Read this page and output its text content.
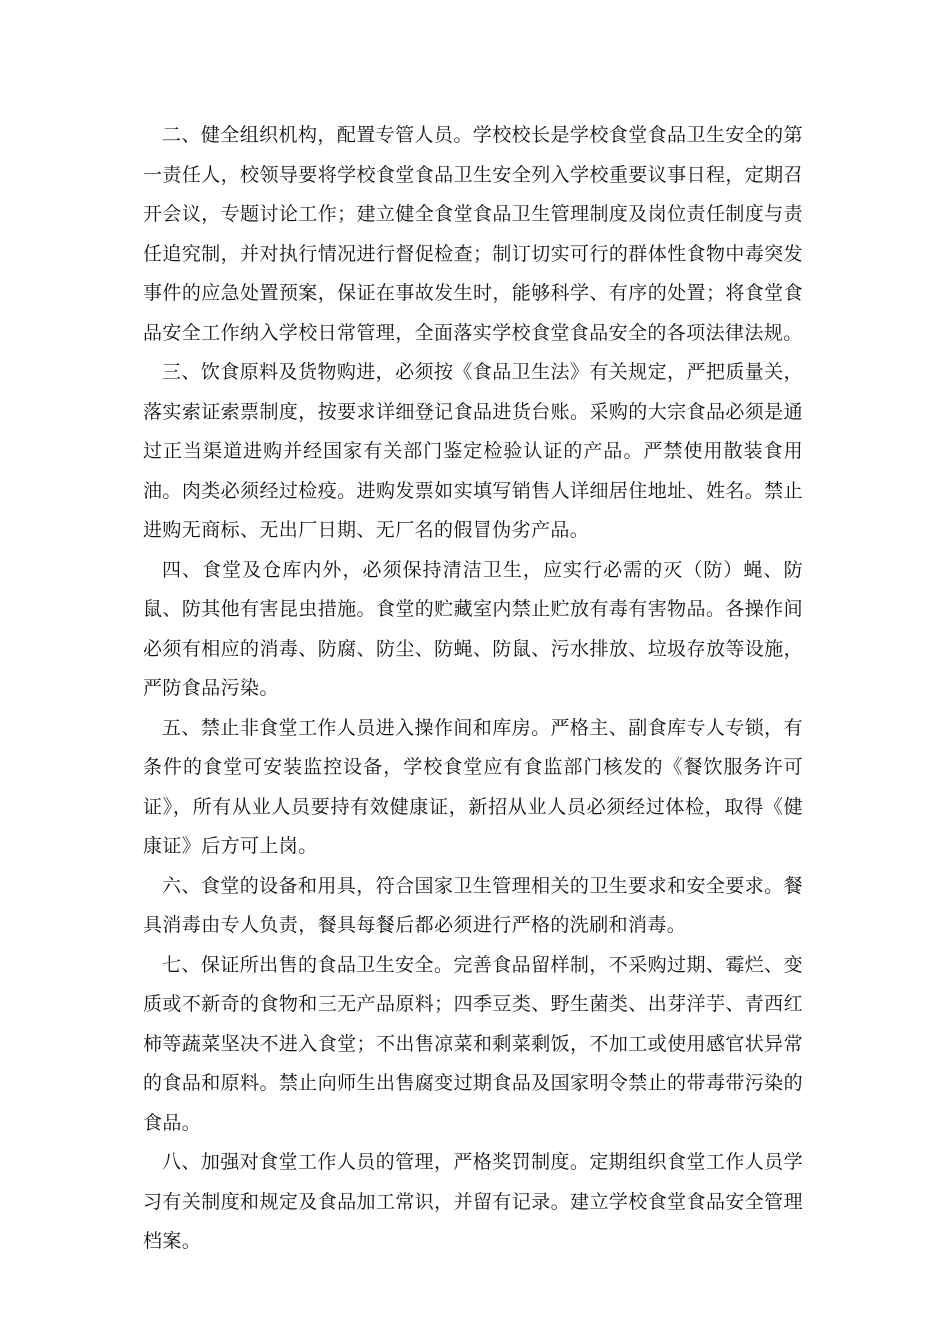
二、健全组织机构，配置专管人员。学校校长是学校食堂食品卫生安全的第一责任人，校领导要将学校食堂食品卫生安全列入学校重要议事日程，定期召开会议，专题讨论工作；建立健全食堂食品卫生管理制度及岗位责任制度与责任追究制，并对执行情况进行督促检查；制订切实可行的群体性食物中毒突发事件的应急处置预案，保证在事故发生时，能够科学、有序的处置；将食堂食品安全工作纳入学校日常管理，全面落实学校食堂食品安全的各项法律法规。

三、饮食原料及货物购进，必须按《食品卫生法》有关规定，严把质量关，落实索证索票制度，按要求详细登记食品进货台账。采购的大宗食品必须是通过正当渠道进购并经国家有关部门鉴定检验认证的产品。严禁使用散装食用油。肉类必须经过检疫。进购发票如实填写销售人详细居住地址、姓名。禁止进购无商标、无出厂日期、无厂名的假冒伪劣产品。

四、食堂及仓库内外，必须保持清洁卫生，应实行必需的灭（防）蝇、防鼠、防其他有害昆虫措施。食堂的贮藏室内禁止贮放有毒有害物品。各操作间必须有相应的消毒、防腐、防尘、防蝇、防鼠、污水排放、垃圾存放等设施，严防食品污染。

五、禁止非食堂工作人员进入操作间和库房。严格主、副食库专人专锁，有条件的食堂可安装监控设备，学校食堂应有食监部门核发的《餐饮服务许可证》，所有从业人员要持有效健康证，新招从业人员必须经过体检，取得《健康证》后方可上岗。

六、食堂的设备和用具，符合国家卫生管理相关的卫生要求和安全要求。餐具消毒由专人负责，餐具每餐后都必须进行严格的洗刷和消毒。

七、保证所出售的食品卫生安全。完善食品留样制，不采购过期、霉烂、变质或不新奇的食物和三无产品原料；四季豆类、野生菌类、出芽洋芋、青西红柿等蔬菜坚决不进入食堂；不出售凉菜和剩菜剩饭，不加工或使用感官状异常的食品和原料。禁止向师生出售腐变过期食品及国家明令禁止的带毒带污染的食品。

八、加强对食堂工作人员的管理，严格奖罚制度。定期组织食堂工作人员学习有关制度和规定及食品加工常识，并留有记录。建立学校食堂食品安全管理档案。
